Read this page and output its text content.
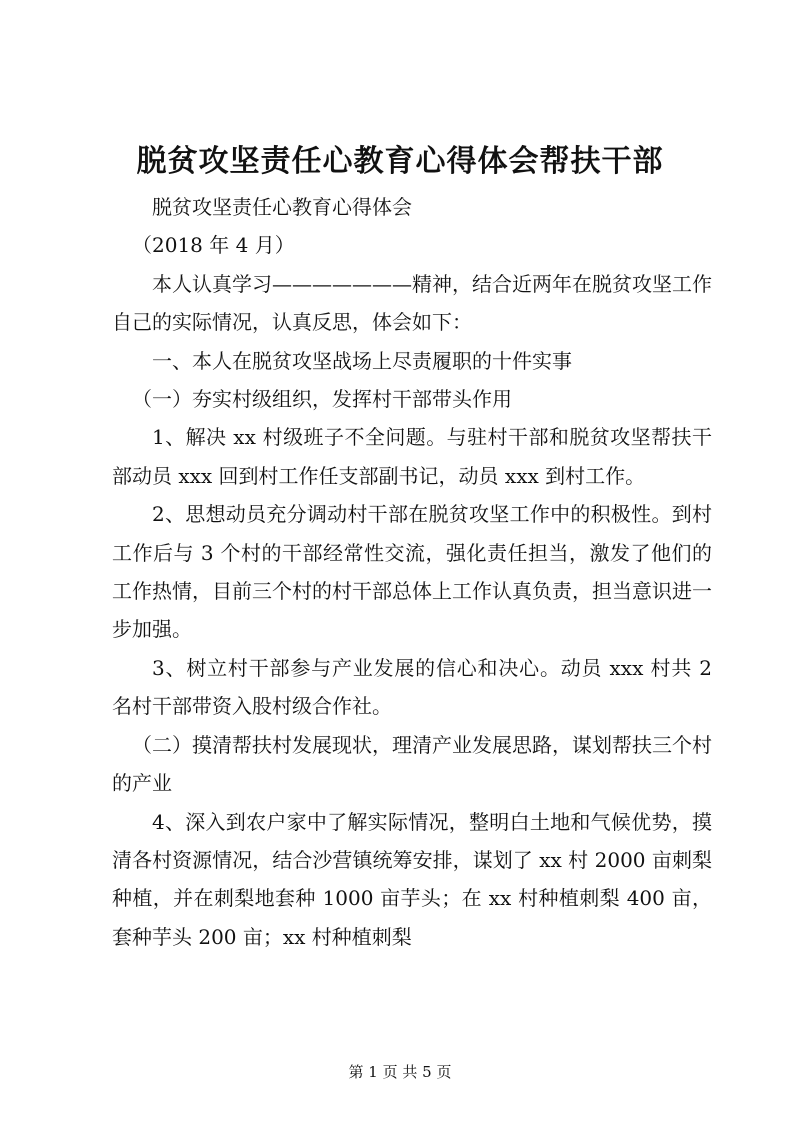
脱贫攻坚责任心教育心得体会帮扶干部

脱贫攻坚责任心教育心得体会

（2018 年 4 月）

本人认真学习———————精神，结合近两年在脱贫攻坚工作自己的实际情况，认真反思，体会如下：

一、本人在脱贫攻坚战场上尽责履职的十件实事

（一）夯实村级组织，发挥村干部带头作用

1、解决 xx 村级班子不全问题。与驻村干部和脱贫攻坚帮扶干部动员 xxx 回到村工作任支部副书记，动员 xxx 到村工作。

2、思想动员充分调动村干部在脱贫攻坚工作中的积极性。到村工作后与 3 个村的干部经常性交流，强化责任担当，激发了他们的工作热情，目前三个村的村干部总体上工作认真负责，担当意识进一步加强。

3、树立村干部参与产业发展的信心和决心。动员 xxx 村共 2 名村干部带资入股村级合作社。

（二）摸清帮扶村发展现状，理清产业发展思路，谋划帮扶三个村的产业

4、深入到农户家中了解实际情况，整明白土地和气候优势，摸清各村资源情况，结合沙营镇统筹安排，谋划了 xx 村 2000 亩刺梨种植，并在刺梨地套种 1000 亩芋头；在 xx 村种植刺梨 400 亩，套种芋头 200 亩；xx 村种植刺梨

第 1 页 共 5 页
